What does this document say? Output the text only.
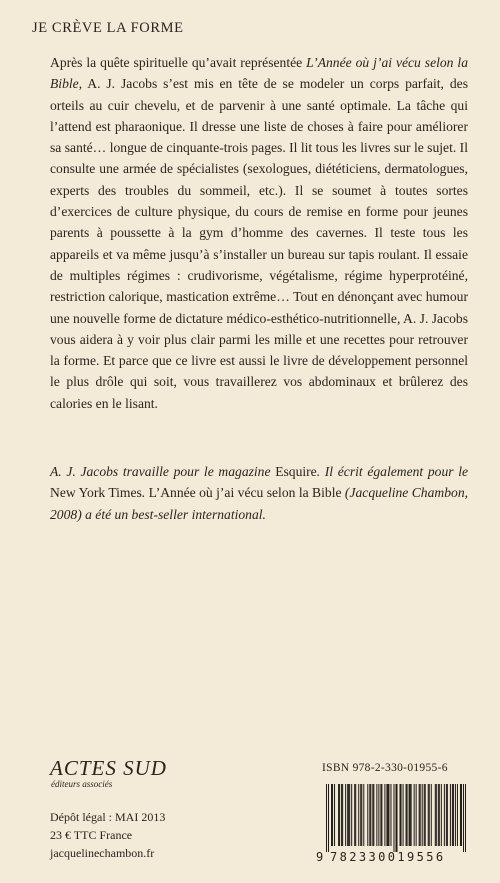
JE CRÈVE LA FORME

Après la quête spirituelle qu’avait représentée L’Année où j’ai vécu selon la Bible, A. J. Jacobs s’est mis en tête de se modeler un corps parfait, des orteils au cuir chevelu, et de parvenir à une santé optimale. La tâche qui l’attend est pharaonique. Il dresse une liste de choses à faire pour améliorer sa santé… longue de cinquante-trois pages. Il lit tous les livres sur le sujet. Il consulte une armée de spécialistes (sexologues, diététiciens, dermatologues, experts des troubles du sommeil, etc.). Il se soumet à toutes sortes d’exercices de culture physique, du cours de remise en forme pour jeunes parents à poussette à la gym d’homme des cavernes. Il teste tous les appareils et va même jusqu’à s’installer un bureau sur tapis roulant. Il essaie de multiples régimes : crudivorisme, végétalisme, régime hyperprotéiné, restriction calorique, mastication extrême… Tout en dénonçant avec humour une nouvelle forme de dictature médico-esthético-nutritionnelle, A. J. Jacobs vous aidera à y voir plus clair parmi les mille et une recettes pour retrouver la forme. Et parce que ce livre est aussi le livre de développement personnel le plus drôle qui soit, vous travaillerez vos abdominaux et brûlerez des calories en le lisant.

A. J. Jacobs travaille pour le magazine Esquire. Il écrit également pour le New York Times. L’Année où j’ai vécu selon la Bible (Jacqueline Chambon, 2008) a été un best-seller international.

ACTES SUD
éditeurs associés
Dépôt légal : MAI 2013
23 € TTC France
jacquelinechambon.fr
ISBN 978-2-330-01955-6
9 782330019556
